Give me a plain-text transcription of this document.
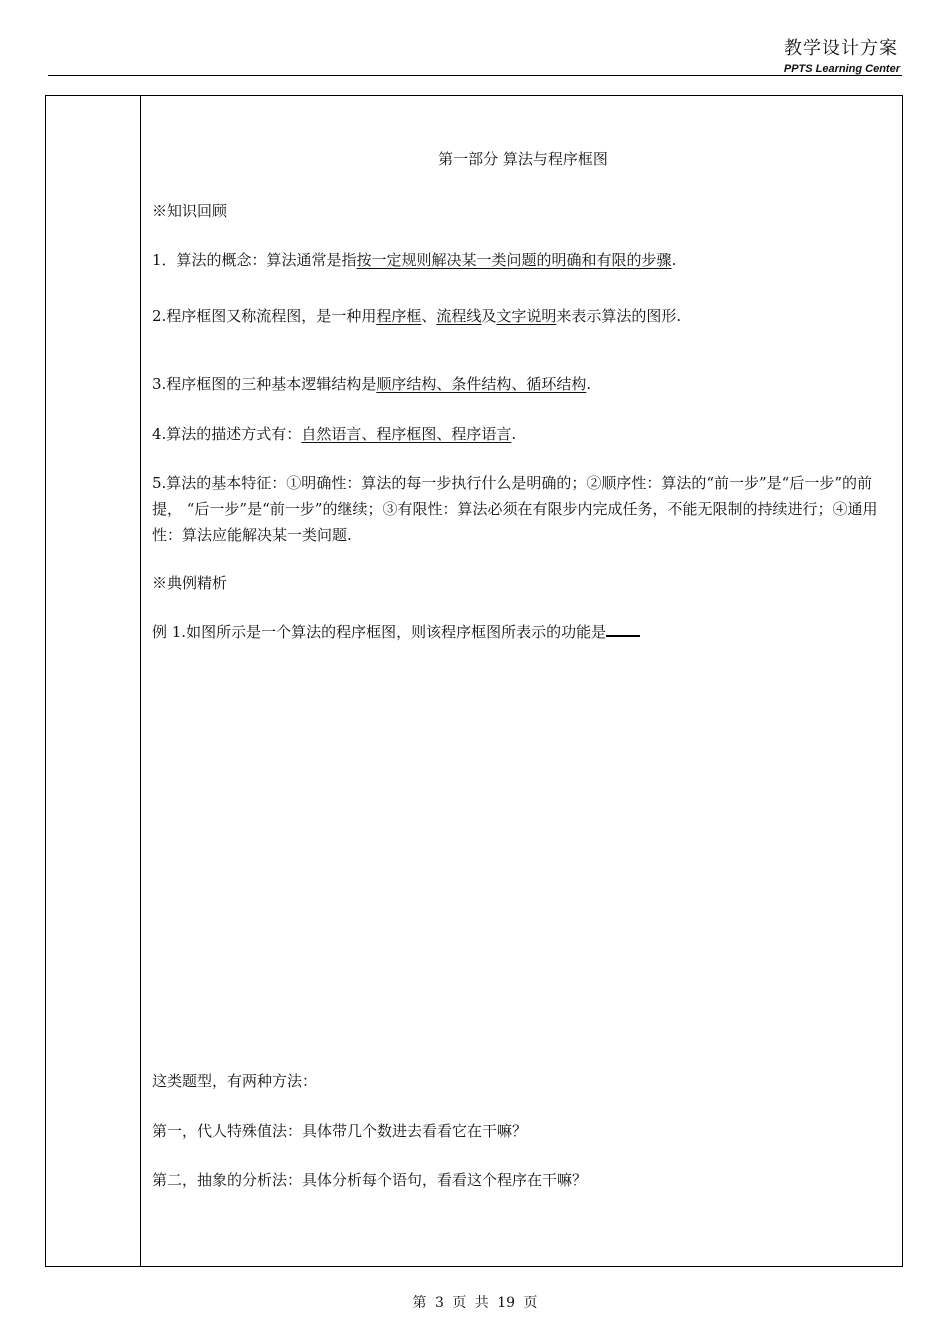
教学设计方案
PPTS Learning Center
第一部分 算法与程序框图
※知识回顾
1．算法的概念：算法通常是指按一定规则解决某一类问题的明确和有限的步骤.
2.程序框图又称流程图，是一种用程序框、流程线及文字说明来表示算法的图形.
3.程序框图的三种基本逻辑结构是顺序结构、条件结构、循环结构.
4.算法的描述方式有：自然语言、程序框图、程序语言.
5.算法的基本特征：①明确性：算法的每一步执行什么是明确的；②顺序性：算法的“前一步”是“后一步”的前提， “后一步”是“前一步”的继续；③有限性：算法必须在有限步内完成任务，不能无限制的持续进行；④通用性：算法应能解决某一类问题.
※典例精析
例 1.如图所示是一个算法的程序框图，则该程序框图所表示的功能是
这类题型，有两种方法：
第一，代人特殊值法：具体带几个数进去看看它在干嘛？
第二，抽象的分析法：具体分析每个语句，看看这个程序在干嘛？
第 3 页 共 19 页
